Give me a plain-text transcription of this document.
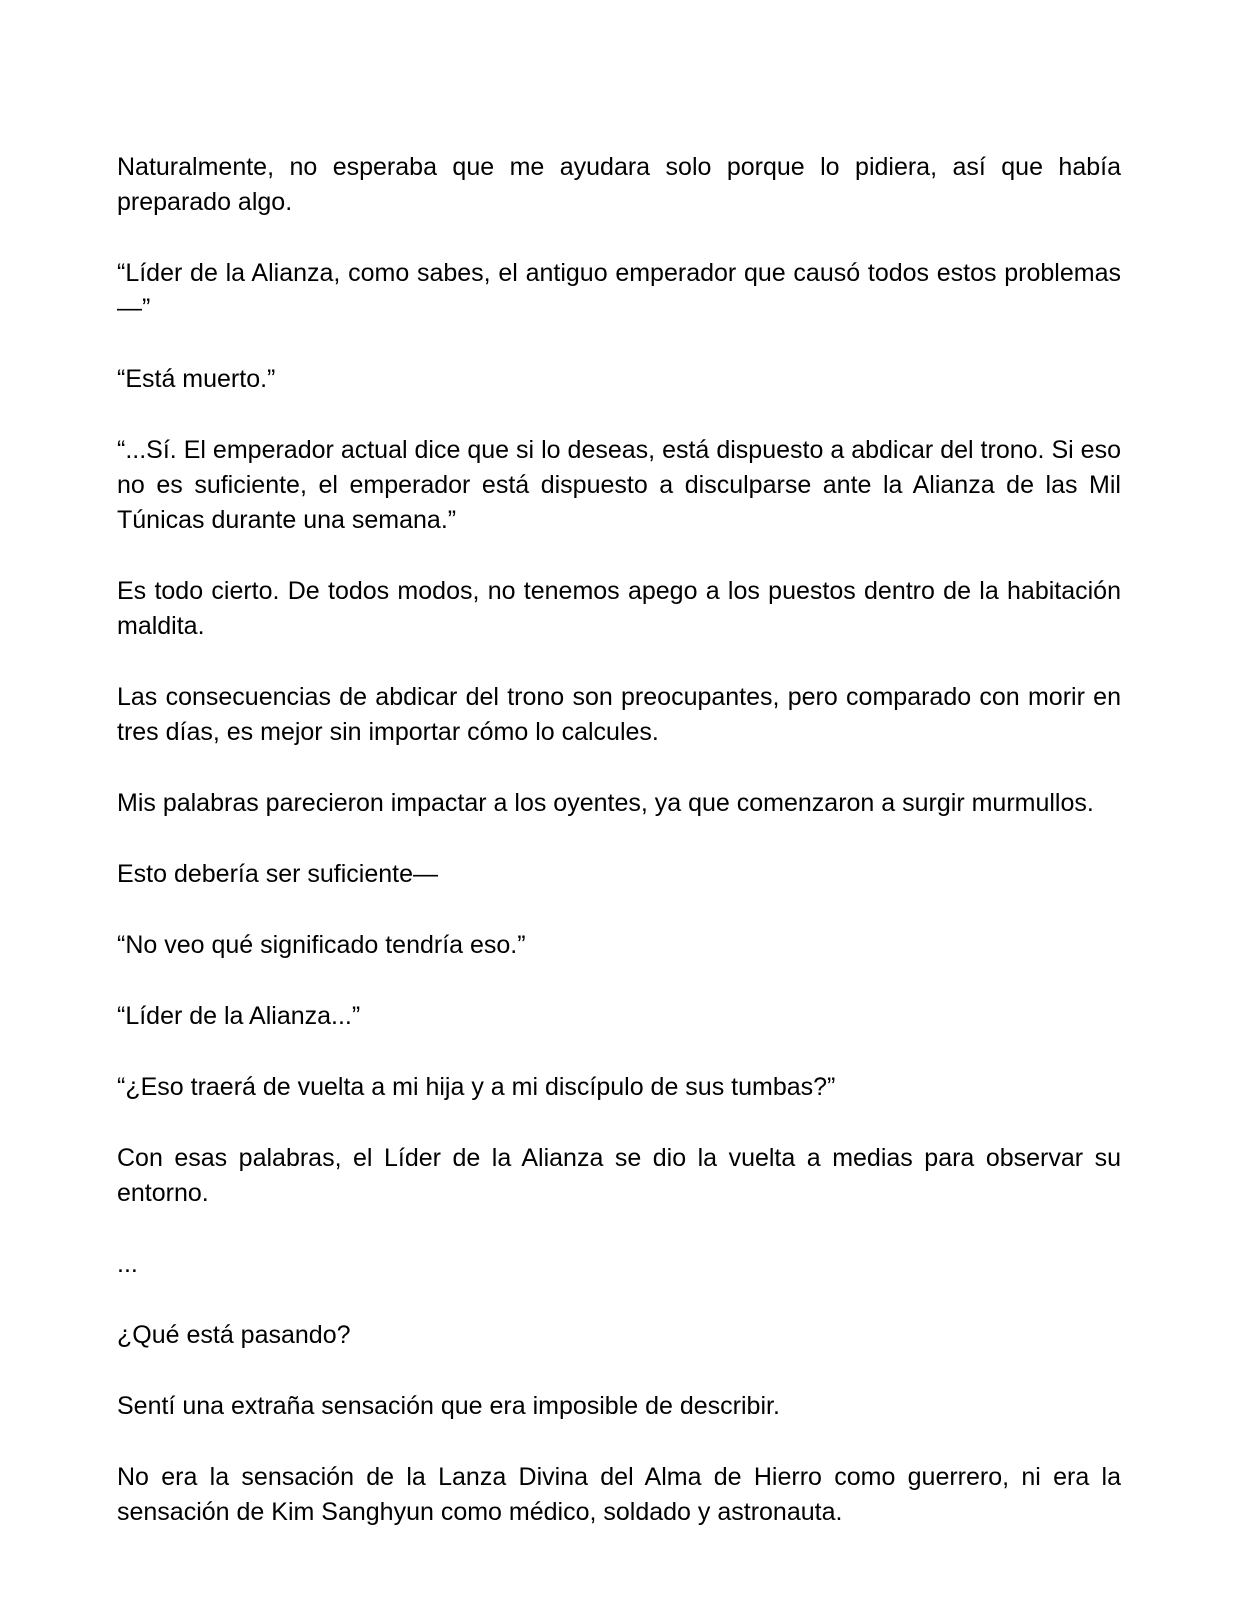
Naturalmente, no esperaba que me ayudara solo porque lo pidiera, así que había preparado algo.

“Líder de la Alianza, como sabes, el antiguo emperador que causó todos estos problemas—”

“Está muerto.”

“...Sí. El emperador actual dice que si lo deseas, está dispuesto a abdicar del trono. Si eso no es suficiente, el emperador está dispuesto a disculparse ante la Alianza de las Mil Túnicas durante una semana.”

Es todo cierto. De todos modos, no tenemos apego a los puestos dentro de la habitación maldita.

Las consecuencias de abdicar del trono son preocupantes, pero comparado con morir en tres días, es mejor sin importar cómo lo calcules.

Mis palabras parecieron impactar a los oyentes, ya que comenzaron a surgir murmullos.

Esto debería ser suficiente—

“No veo qué significado tendría eso.”

“Líder de la Alianza...”

“¿Eso traerá de vuelta a mi hija y a mi discípulo de sus tumbas?”

Con esas palabras, el Líder de la Alianza se dio la vuelta a medias para observar su entorno.

...

¿Qué está pasando?

Sentí una extraña sensación que era imposible de describir.

No era la sensación de la Lanza Divina del Alma de Hierro como guerrero, ni era la sensación de Kim Sanghyun como médico, soldado y astronauta.
